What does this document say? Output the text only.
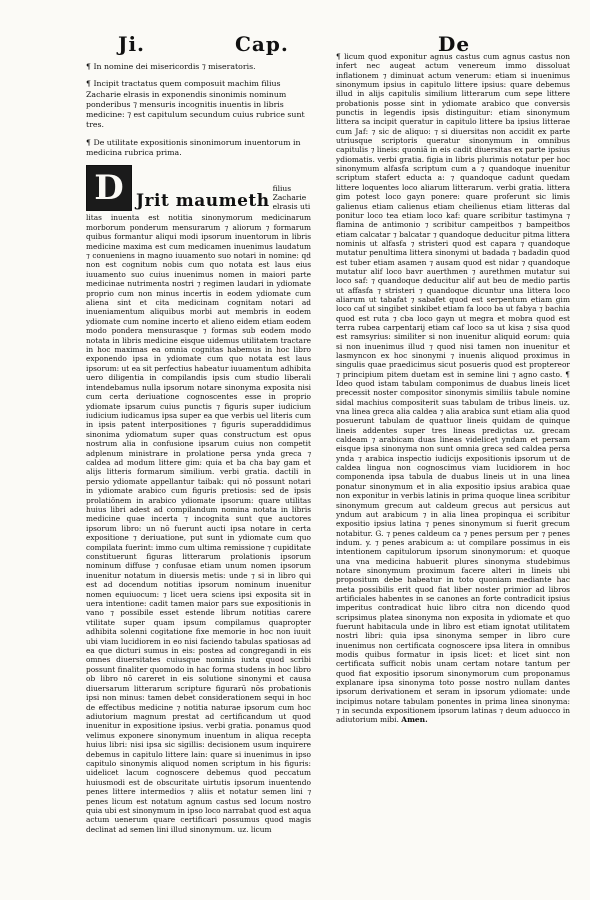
Ji.	Cap.	De

¶ In nomine dei misericordis ⁊ miseratoris.

¶ Incipit tractatus quem composuit machim filius Zacharie elrasis in exponendis sinonimis nominum ponderibus ⁊ mensuris incognitis inuentis in libris medicine: ⁊ est capitulum secundum cuius rubrice sunt tres.

¶ De utilitate expositionis sinonimorum inuentorum in medicina rubrica prima.

D Jrit maumeth
filius Zacharie elrasis uti

litas inuenta est notitia sinonymorum medicinarum morborum ponderum mensurarum ⁊ aliorum ⁊ formarum quibus formantur aliqui modi ipsorum inuentorum in libris medicine maxima est cum medicamen inuenimus laudatum ⁊ conueniens in magno iuuamento suo notari in nomine: qd non est cognitum nobis cum quo notata est laus eius iuuamento suo cuius inuenimus nomen in maiori parte medicinae nutrimenta nostri ⁊ regimen laudari in ydiomate proprio cum non minus incertis in eodem ydiomate cum aliena sint et cita medicinam cognitam notari ad inueniamentum aliquibus morbi aut membris in eodem ydiomate cum nomine incerto et alieno eidem etiam eodem modo pondera mensurasque ⁊ formas sub eodem modo notata in libris medicine eisque uidemus utilitatem tractare in hoc maximas ea omnia cognitas habemus in hoc libro exponendo ipsa in ydiomate cum quo notata est laus ipsorum: ut ea sit perfectius habeatur iuuamentum adhibita uero diligentia in compilandis ipsis cum studio liberali intendebamus nulla ipsorum notare sinonyma exposita nisi cum certa deriuatione cognoscentes esse in proprio ydiomate ipsarum cuius punctis ⁊ figuris super iudicium iudicium iudicamus ipsa super ea que verbis uel literis cum in ipsis patent interpositiones ⁊ figuris superaddidimus sinonima ydiomatum super quas constructum est opus nostrum alia in confusione ipsarum cuius non competit adplenum ministrare in prolatione persa ynda greca ⁊ caldea ad modum littere gim: quia et ba cha bay gam et alijs litteris formarum similium. verbi gratia. dactili in persio ydiomate appellantur taibak: qui nō possunt notari in ydiomate arabico cum figuris pretiosis: sed de ipsis prolatiōnem in arabico ydiomate ipsorum: quare utilitas huius libri adest ad compilandum nomina notata in libris medicine quae incerta ⁊ incognita sunt que auctores ipsorum libro: un nō fuerunt aucti ipsa notare in certa expositione ⁊ deriuatione, put sunt in ydiomate cum quo compilata fuerint: immo cum ultima remissione ⁊ cupiditate constituerunt figuras litterarum prolationis ipsorum nominum diffuse ⁊ confusae etiam unum nomen ipsorum inuenitur notatum in diuersis metis: unde ⁊ si in libro qui est ad docendum notitias ipsorum nominum inuenitur nomen equiuocum: ⁊ licet uera sciens ipsi exposita sit in uera intentione: cadit tamen maior pars sue expositionis in vano ⁊ possibile esset estende librum notitias carere vtilitate super quam ipsum compilamus quapropter adhibita solenni cogitatione fixe memorie in hoc non iuuit ubi viam lucidiorem in eo nisi faciendo tabulas spatiosas ad ea que dicturi sumus in eis: postea ad congregandi in eis omnes diuersitates cuiusque nominis iuxta quod scribi possunt finaliter quomodo in hac forma studens in hoc libro ob libro nō careret in eis solutione sinonymi et causa diuersarum litterarum scripture figurarū nōs probationis ipsi non minus: tamen debet considerationem sequi in hoc de effectibus medicine ⁊ notitia naturae ipsorum cum hoc adiutorium magnum prestat ad certificandum ut quod inuenitur in expositione ipsius. verbi gratia. ponamus quod velimus exponere sinonymum inuentum in aliqua recepta huius libri: nisi ipsa sic sigillis: decisionem usum inquirere debemus in capitulo littere lain: quare si inuenimus in ipso capitulo sinonymis aliquod nomen scriptum in his figuris: uidelicet lacum cognoscere debemus quod peccatum huiusmodi est de obscuritate uirtutis ipsorum inuentendo penes littere intermedios ⁊ aliis et notatur semen lini ⁊ penes licum est notatum agnum castus sed locum nostro quia ubi est sinonymum in ipso loco narrabat quod est aqua actum uenerum quare certificari possumus quod magis declinat ad semen lini illud sinonymum. uz. licum

¶ licum quod exponitur agnus castus cum agnus castus non infert nec augeat actum venereum immo dissoluat inflationem ⁊ diminuat actum venerum: etiam si inuenimus sinonymum ipsius in capitulo littere ipsius: quare debemus illud in alijs capitulis similium litterarum cum sepe littere probationis posse sint in ydiomate arabico que conversis punctis in legendis ipsis distinguitur: etiam sinonymum littera sa incipit queratur in capitulo littere ba ipsius litterae cum Jaf: ⁊ sic de aliquo: ⁊ si diuersitas non accidit ex parte utriusque scriptoris queratur sinonymum in omnibus capitulis ⁊ lineis: quoniā in eis cadit diuersitas ex parte ipsius ydiomatis. verbi gratia. figia in libris plurimis notatur per hoc sinonymum alfasfa scriptum cum a ⁊ quandoque inuenitur scriptum stafert educta a: ⁊ quandoque cadunt quedam littere loquentes loco aliarum litterarum. verbi gratia. littera gim potest loco gayn ponere: quare proferunt sic limis galienus etiam calienus etiam cheilienus etiam litteras dal ponitur loco tea etiam loco kaf: quare scribitur tastimyna ⁊ flamina de antimonio ⁊ scribitur campeitbos ⁊ bampeitbos etiam calcatar ⁊ balcatar ⁊ quandoque deducitur pitma littera nominis ut alfasfa ⁊ stristeri quod est capara ⁊ quandoque mutatur penultima littera sinonymi ut badada ⁊ badadin quod est tuber etiam asamen ⁊ ausam quod est nidar ⁊ quandoque mutatur alif loco bavr auerthmen ⁊ aurethmen mutatur sui loco saf: ⁊ quandoque deducitur alif aut beu de medio partis ut affasfa ⁊ stristeri ⁊ quandoque dicuntur una littera loco aliarum ut tabafat ⁊ sabafet quod est serpentum etiam gim loco caf ut singibet sinkibet etiam fa loco ba ut fabya ⁊ bachia quod est ruta ⁊ cba loco gayn ut megra et mobra quod est terra rubea carpentarij etiam caf loco sa ut kisa ⁊ sisa quod est ramsyrius: similiter si non inuenitur aliquid eorum: quia si non inuenimus illud ⁊ quod nisi tamen non inuenitur et lasmyncon ex hoc sinonymi ⁊ inuenis aliquod proximus in singulis quae praedicimus sicut posueris quod est proptereor ⁊ principium pitem duetam est in semine lini ⁊ agno casto. ¶ Ideo quod istam tabulam componimus de duabus lineis licet precessit noster compositor sinonymis similiis tabule nomine sidal machius compositerit suas tabulam de tribus lineis. uz. vna linea greca alia caldea ⁊ alia arabica sunt etiam alia quod posuerunt tabulam de quattuor lineis quidam de quinque lineis addentes super tres lineas predictas uz. grecam caldeam ⁊ arabicam duas lineas videlicet yndam et persam eisque ipsa sinonyma non sunt omnia greca sed caldea persa ynda ⁊ arabica inspectio iudicijs expositionis ipsorum ut de caldea lingua non cognoscimus viam lucidiorem in hoc componenda ipsa tabula de duabus lineis ut in una linea ponatur sinonymum et in alia expositio ipsius arabica quae non exponitur in verbis latinis in prima quoque linea scribitur sinonymum grecum aut caldeum grecus aut persicus aut yndum aut arabicum ⁊ in alia linea propinqua ei scribitur expositio ipsius latina ⁊ penes sinonymum si fuerit grecum notabitur. G. ⁊ penes caldeum ca ⁊ penes persum per ⁊ penes indum. y. ⁊ penes arabicum a: ut compilare possimus in eis intentionem capitulorum ipsorum sinonymorum: et quoque una vna medicina habuerit plures sinonyma studebimus notare sinonymum proximum facere alteri in lineis ubi propositum debe habeatur in toto quoniam mediante hac meta possibilis erit quod fiat liber noster primior ad libros artificiales habentes in se canones an forte contradicit ipsius imperitus contradicat huic libro citra non dicendo quod scripsimus platea sinonyma non exposita in ydiomate et quo fuerunt habitacula unde in libro est etiam ignotat utilitatem nostri libri: quia ipsa sinonyma semper in libro cure inuenimus non certificata cognoscere ipsa litera in omnibus modis quibus formatur in ipsis licet: et licet sint non certificata sufficit nobis unam certam notare tantum per quod fiat expositio ipsorum sinonymorum cum proponamus explanare ipsa sinonyma toto posse nostro nullam dantes ipsorum derivationem et seram in ipsorum ydiomate: unde incipimus notare tabulam ponentes in prima linea sinonyma: ⁊ in secunda expositionem ipsorum latinas ⁊ deum aduocco in adiutorium mibi. Amen.
